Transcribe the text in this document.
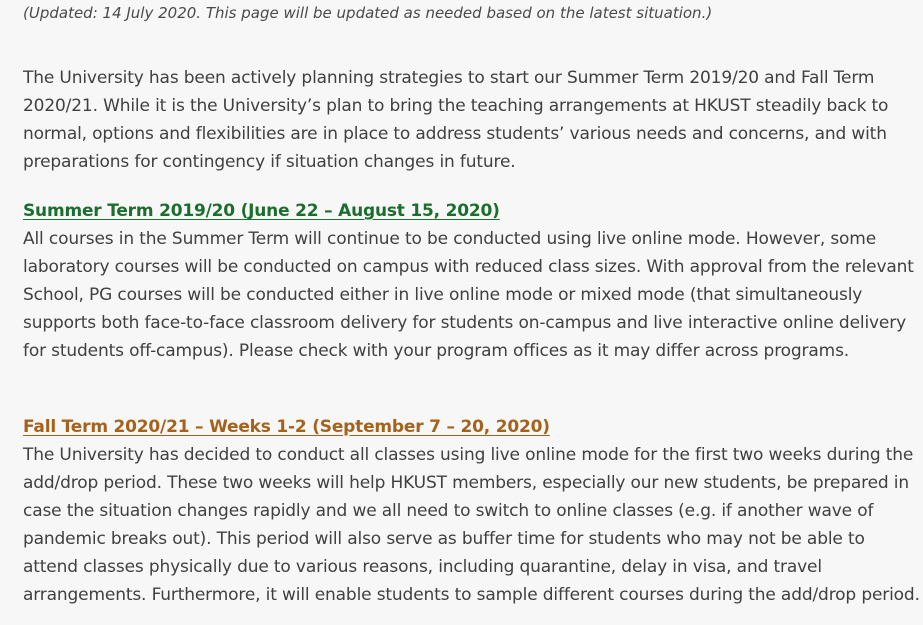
(Updated: 14 July 2020. This page will be updated as needed based on the latest situation.)

The University has been actively planning strategies to start our Summer Term 2019/20 and Fall Term
2020/21. While it is the University’s plan to bring the teaching arrangements at HKUST steadily back to
normal, options and flexibilities are in place to address students’ various needs and concerns, and with
preparations for contingency if situation changes in future.

Summer Term 2019/20 (June 22 – August 15, 2020)

All courses in the Summer Term will continue to be conducted using live online mode. However, some
laboratory courses will be conducted on campus with reduced class sizes. With approval from the relevant
School, PG courses will be conducted either in live online mode or mixed mode (that simultaneously
supports both face-to-face classroom delivery for students on-campus and live interactive online delivery
for students off-campus). Please check with your program offices as it may differ across programs.

Fall Term 2020/21 – Weeks 1-2 (September 7 – 20, 2020)

The University has decided to conduct all classes using live online mode for the first two weeks during the
add/drop period. These two weeks will help HKUST members, especially our new students, be prepared in
case the situation changes rapidly and we all need to switch to online classes (e.g. if another wave of
pandemic breaks out). This period will also serve as buffer time for students who may not be able to
attend classes physically due to various reasons, including quarantine, delay in visa, and travel
arrangements. Furthermore, it will enable students to sample different courses during the add/drop period.
